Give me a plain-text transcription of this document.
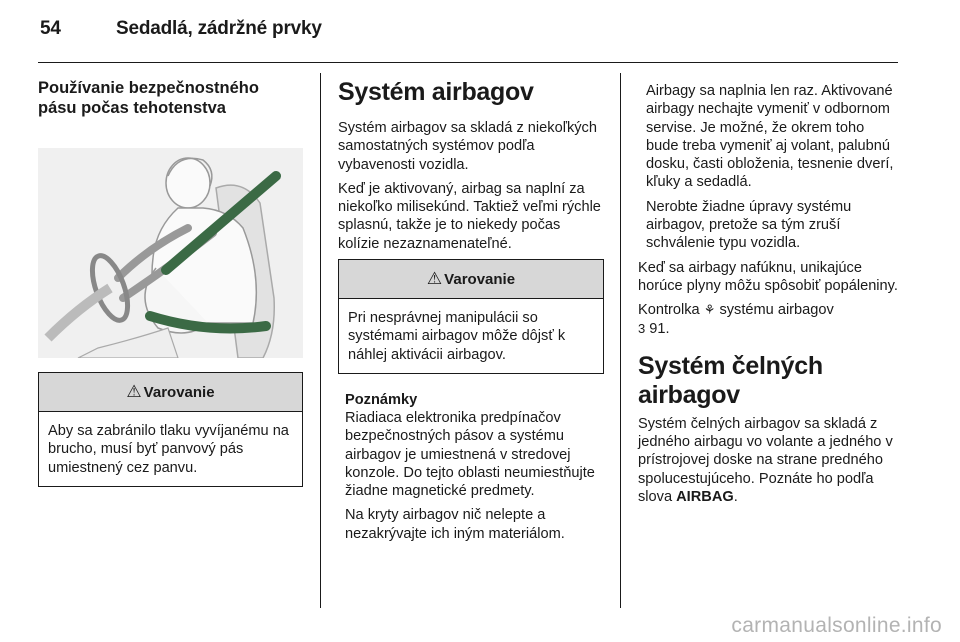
54	Sedadlá, zádržné prvky
Používanie bezpečnostného
pásu počas tehotenstva
⚠ Varovanie
Aby sa zabránilo tlaku vyvíjanému na brucho, musí byť panvový pás umiestnený cez panvu.
Systém airbagov

Systém airbagov sa skladá z niekoľkých samostatných systémov podľa vybavenosti vozidla.

Keď je aktivovaný, airbag sa naplní za niekoľko milisekúnd. Taktiež veľmi rýchle splasnú, takže je to niekedy počas kolízie nezaznamenateľné.

⚠ Varovanie
Pri nesprávnej manipulácii so systémami airbagov môže dôjsť k náhlej aktivácii airbagov.
Poznámky

Riadiaca elektronika predpínačov bezpečnostných pásov a systému airbagov je umiestnená v stredovej konzole. Do tejto oblasti neumiestňujte žiadne magnetické predmety.

Na kryty airbagov nič nelepte a nezakrývajte ich iným materiálom.

Airbagy sa naplnia len raz. Aktivované airbagy nechajte vymeniť v odbornom servise. Je možné, že okrem toho bude treba vymeniť aj volant, palubnú dosku, časti obloženia, tesnenie dverí, kľuky a sedadlá.

Nerobte žiadne úpravy systému airbagov, pretože sa tým zruší schválenie typu vozidla.

Keď sa airbagy nafúknu, unikajúce horúce plyny môžu spôsobiť popáleniny.

Kontrolka ⚘ systému airbagov
3 91.

Systém čelných airbagov

Systém čelných airbagov sa skladá z jedného airbagu vo volante a jedného v prístrojovej doske na strane predného spolucestujúceho. Poznáte ho podľa slova AIRBAG.

carmanualsonline.info
